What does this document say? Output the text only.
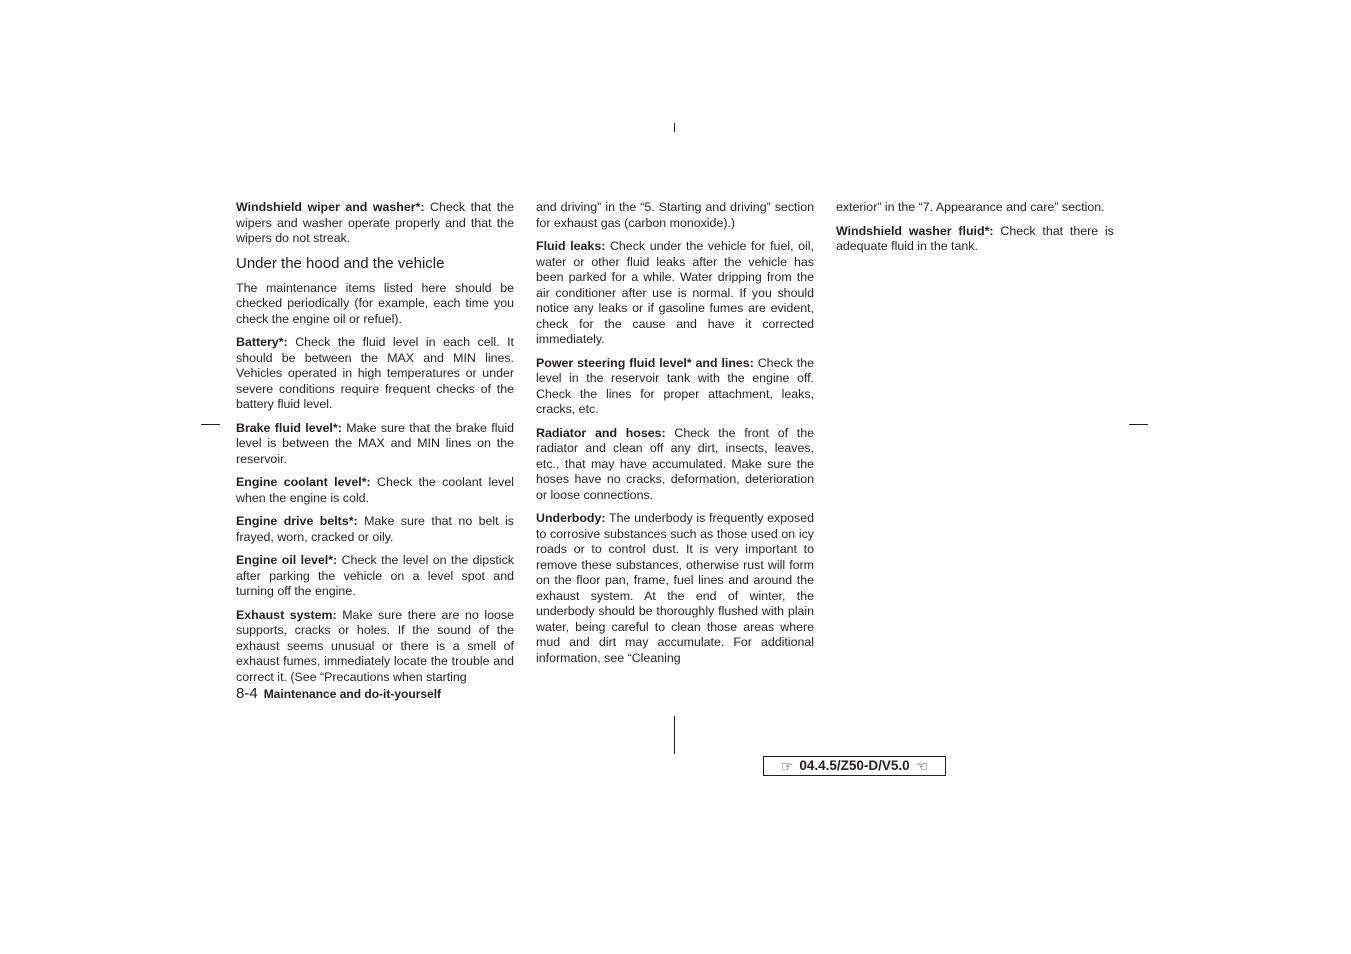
Windshield wiper and washer*: Check that the wipers and washer operate properly and that the wipers do not streak.

Under the hood and the vehicle

The maintenance items listed here should be checked periodically (for example, each time you check the engine oil or refuel).

Battery*: Check the fluid level in each cell. It should be between the MAX and MIN lines. Vehicles operated in high temperatures or under severe conditions require frequent checks of the battery fluid level.

Brake fluid level*: Make sure that the brake fluid level is between the MAX and MIN lines on the reservoir.

Engine coolant level*: Check the coolant level when the engine is cold.

Engine drive belts*: Make sure that no belt is frayed, worn, cracked or oily.

Engine oil level*: Check the level on the dipstick after parking the vehicle on a level spot and turning off the engine.

Exhaust system: Make sure there are no loose supports, cracks or holes. If the sound of the exhaust seems unusual or there is a smell of exhaust fumes, immediately locate the trouble and correct it. (See “Precautions when starting

and driving” in the “5. Starting and driving” section for exhaust gas (carbon monoxide).)

Fluid leaks: Check under the vehicle for fuel, oil, water or other fluid leaks after the vehicle has been parked for a while. Water dripping from the air conditioner after use is normal. If you should notice any leaks or if gasoline fumes are evident, check for the cause and have it corrected immediately.

Power steering fluid level* and lines: Check the level in the reservoir tank with the engine off. Check the lines for proper attachment, leaks, cracks, etc.

Radiator and hoses: Check the front of the radiator and clean off any dirt, insects, leaves, etc., that may have accumulated. Make sure the hoses have no cracks, deformation, deterioration or loose connections.

Underbody: The underbody is frequently exposed to corrosive substances such as those used on icy roads or to control dust. It is very important to remove these substances, otherwise rust will form on the floor pan, frame, fuel lines and around the exhaust system. At the end of winter, the underbody should be thoroughly flushed with plain water, being careful to clean those areas where mud and dirt may accumulate. For additional information, see “Cleaning

exterior” in the “7. Appearance and care” section.

Windshield washer fluid*: Check that there is adequate fluid in the tank.

8-4 Maintenance and do-it-yourself
☞ 04.4.5/Z50-D/V5.0 ☜
